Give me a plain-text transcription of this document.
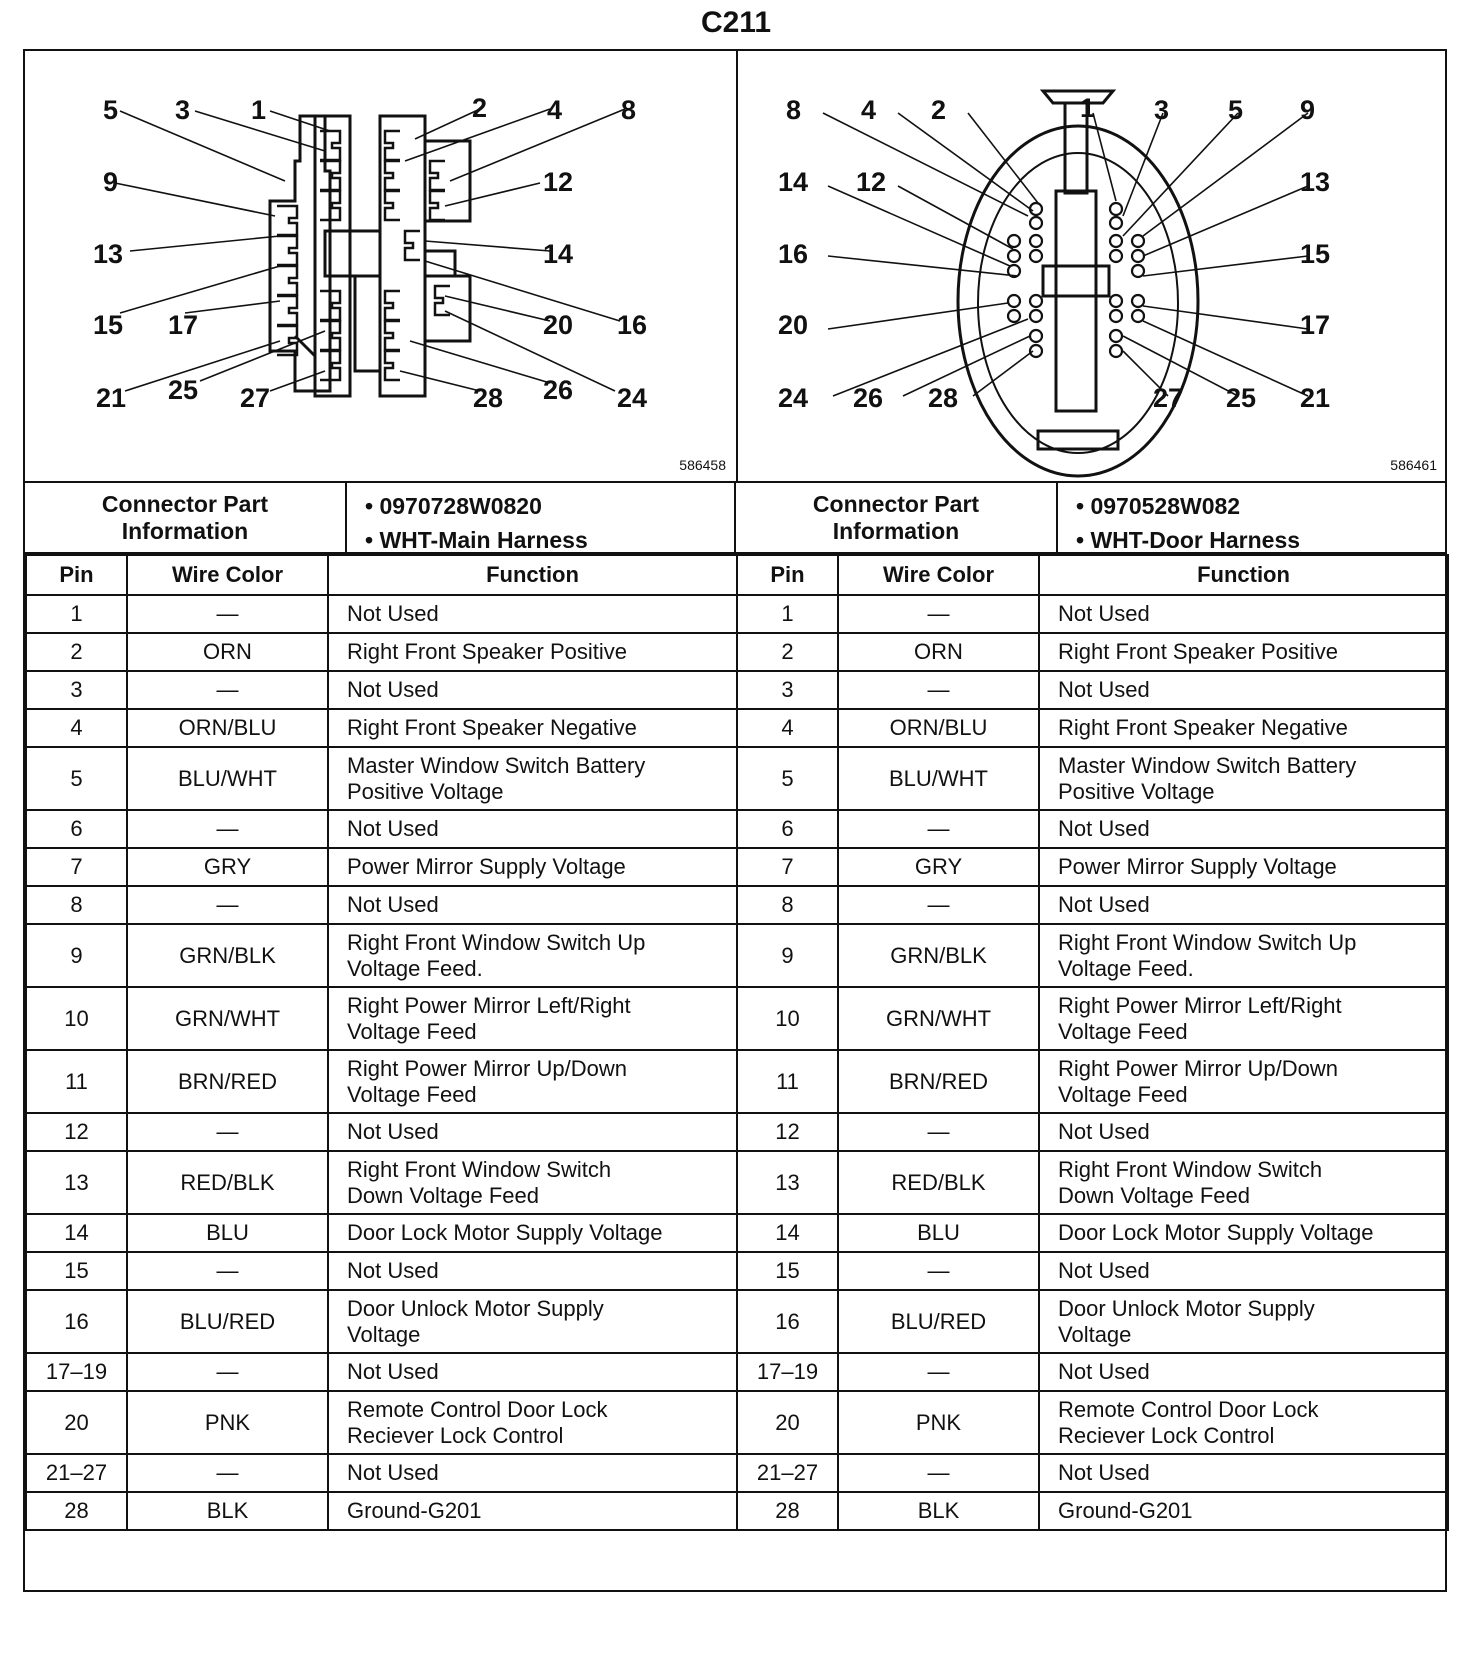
C211
5 3 1
9
13
15 17
21 25 27
2 4 8
12
14
16
20
24
26
28
586458
8 4 2
14 12
16
20
24 26 28
1 3 5 9
13
15
17
21
25
27
586461
Connector Part
Information
• 0970728W0820
• WHT-Main Harness
Connector Part
Information
• 0970528W082
• WHT-Door Harness
Pin	Wire Color	Function
1	—	Not Used

2	ORN	Right Front Speaker Positive

3	—	Not Used

4	ORN/BLU	Right Front Speaker Negative

5	BLU/WHT	Master Window Switch Battery
Positive Voltage

6	—	Not Used

7	GRY	Power Mirror Supply Voltage

8	—	Not Used

9	GRN/BLK	Right Front Window Switch Up
Voltage Feed.

10	GRN/WHT	Right Power Mirror Left/Right
Voltage Feed

11	BRN/RED	Right Power Mirror Up/Down
Voltage Feed

12	—	Not Used

13	RED/BLK	Right Front Window Switch
Down Voltage Feed

14	BLU	Door Lock Motor Supply Voltage

15	—	Not Used

16	BLU/RED	Door Unlock Motor Supply
Voltage

17–19	—	Not Used

20	PNK	Remote Control Door Lock
Reciever Lock Control

21–27	—	Not Used

28	BLK	Ground-G201
Pin	Wire Color	Function
1	—	Not Used

2	ORN	Right Front Speaker Positive

3	—	Not Used

4	ORN/BLU	Right Front Speaker Negative

5	BLU/WHT	Master Window Switch Battery
Positive Voltage

6	—	Not Used

7	GRY	Power Mirror Supply Voltage

8	—	Not Used

9	GRN/BLK	Right Front Window Switch Up
Voltage Feed.

10	GRN/WHT	Right Power Mirror Left/Right
Voltage Feed

11	BRN/RED	Right Power Mirror Up/Down
Voltage Feed

12	—	Not Used

13	RED/BLK	Right Front Window Switch
Down Voltage Feed

14	BLU	Door Lock Motor Supply Voltage

15	—	Not Used

16	BLU/RED	Door Unlock Motor Supply
Voltage

17–19	—	Not Used

20	PNK	Remote Control Door Lock
Reciever Lock Control

21–27	—	Not Used

28	BLK	Ground-G201
